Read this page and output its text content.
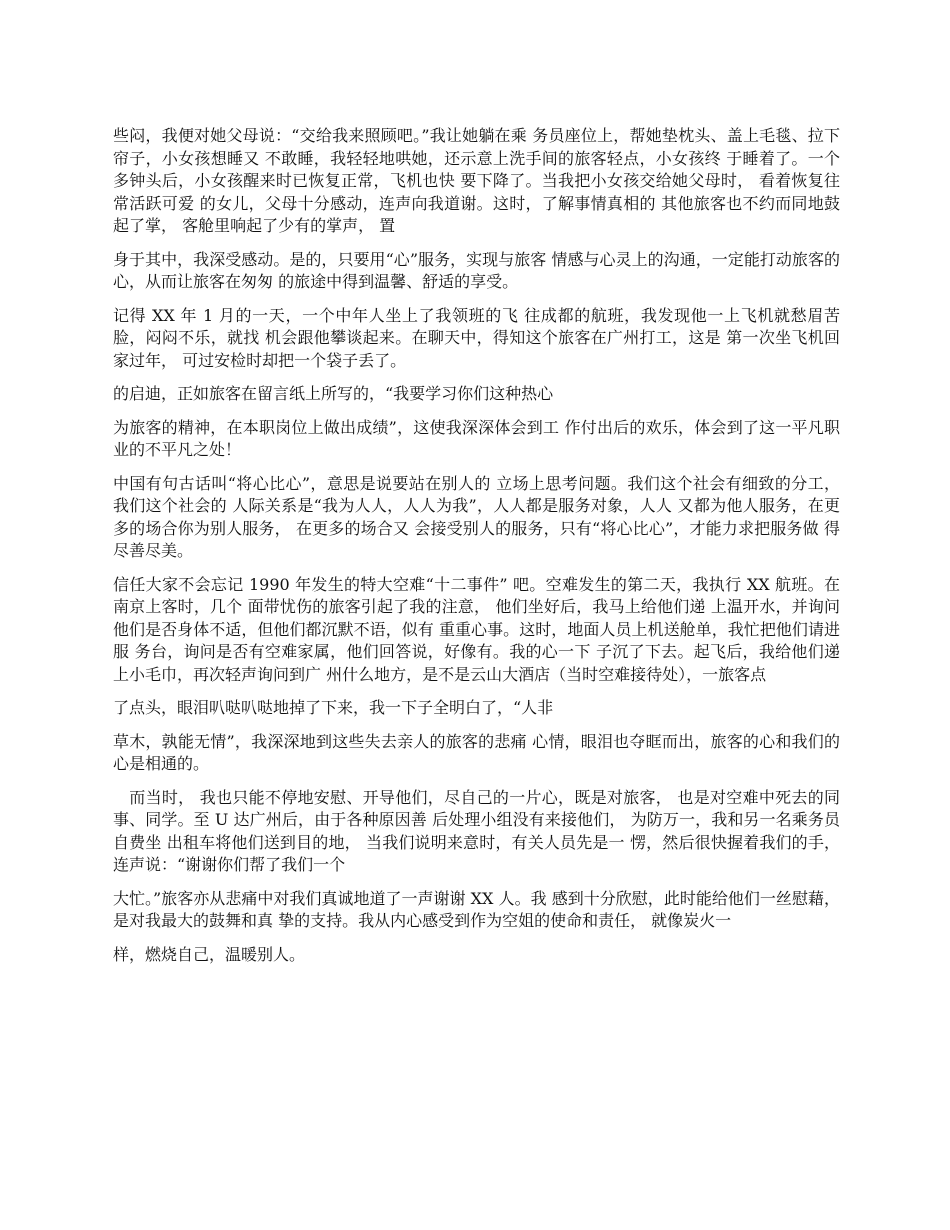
些闷，我便对她父母说：“交给我来照顾吧。”我让她躺在乘 务员座位上，帮她垫枕头、盖上毛毯、拉下帘子，小女孩想睡又 不敢睡，我轻轻地哄她，还示意上洗手间的旅客轻点，小女孩终 于睡着了。一个多钟头后，小女孩醒来时已恢复正常，飞机也快 要下降了。当我把小女孩交给她父母时， 看着恢复往常活跃可爱 的女儿，父母十分感动，连声向我道谢。这时，了解事情真相的 其他旅客也不约而同地鼓起了掌， 客舱里响起了少有的掌声， 置

身于其中，我深受感动。是的，只要用“心”服务，实现与旅客 情感与心灵上的沟通，一定能打动旅客的心，从而让旅客在匆匆 的旅途中得到温馨、舒适的享受。

记得 XX 年 1 月的一天，一个中年人坐上了我领班的飞 往成都的航班，我发现他一上飞机就愁眉苦脸，闷闷不乐，就找 机会跟他攀谈起来。在聊天中，得知这个旅客在广州打工，这是 第一次坐飞机回家过年， 可过安检时却把一个袋子丢了。

的启迪，正如旅客在留言纸上所写的，“我要学习你们这种热心

为旅客的精神，在本职岗位上做出成绩”，这使我深深体会到工 作付出后的欢乐，体会到了这一平凡职业的不平凡之处！

中国有句古话叫“将心比心”，意思是说要站在别人的 立场上思考问题。我们这个社会有细致的分工， 我们这个社会的 人际关系是“我为人人，人人为我”，人人都是服务对象，人人 又都为他人服务，在更多的场合你为别人服务， 在更多的场合又 会接受别人的服务，只有“将心比心”，才能力求把服务做 得尽善尽美。

信任大家不会忘记 1990 年发生的特大空难“十二事件” 吧。空难发生的第二天，我执行 XX 航班。在南京上客时，几个 面带忧伤的旅客引起了我的注意， 他们坐好后，我马上给他们递 上温开水，并询问他们是否身体不适，但他们都沉默不语，似有 重重心事。这时，地面人员上机送舱单，我忙把他们请进服 务台，询问是否有空难家属，他们回答说，好像有。我的心一下 子沉了下去。起飞后，我给他们递上小毛巾，再次轻声询问到广 州什么地方，是不是云山大酒店（当时空难接待处），一旅客点

了点头，眼泪叭哒叭哒地掉了下来，我一下子全明白了，“人非

草木，孰能无情”，我深深地到这些失去亲人的旅客的悲痛 心情，眼泪也夺眶而出，旅客的心和我们的心是相通的。

　而当时， 我也只能不停地安慰、开导他们，尽自己的一片心，既是对旅客， 也是对空难中死去的同事、同学。至 U 达广州后，由于各种原因善 后处理小组没有来接他们， 为防万一，我和另一名乘务员自费坐 出租车将他们送到目的地， 当我们说明来意时，有关人员先是一 愣，然后很快握着我们的手，连声说：“谢谢你们帮了我们一个

大忙。”旅客亦从悲痛中对我们真诚地道了一声谢谢 XX 人。我 感到十分欣慰，此时能给他们一丝慰藉， 是对我最大的鼓舞和真 挚的支持。我从内心感受到作为空姐的使命和责任， 就像炭火一

样，燃烧自己，温暖别人。
